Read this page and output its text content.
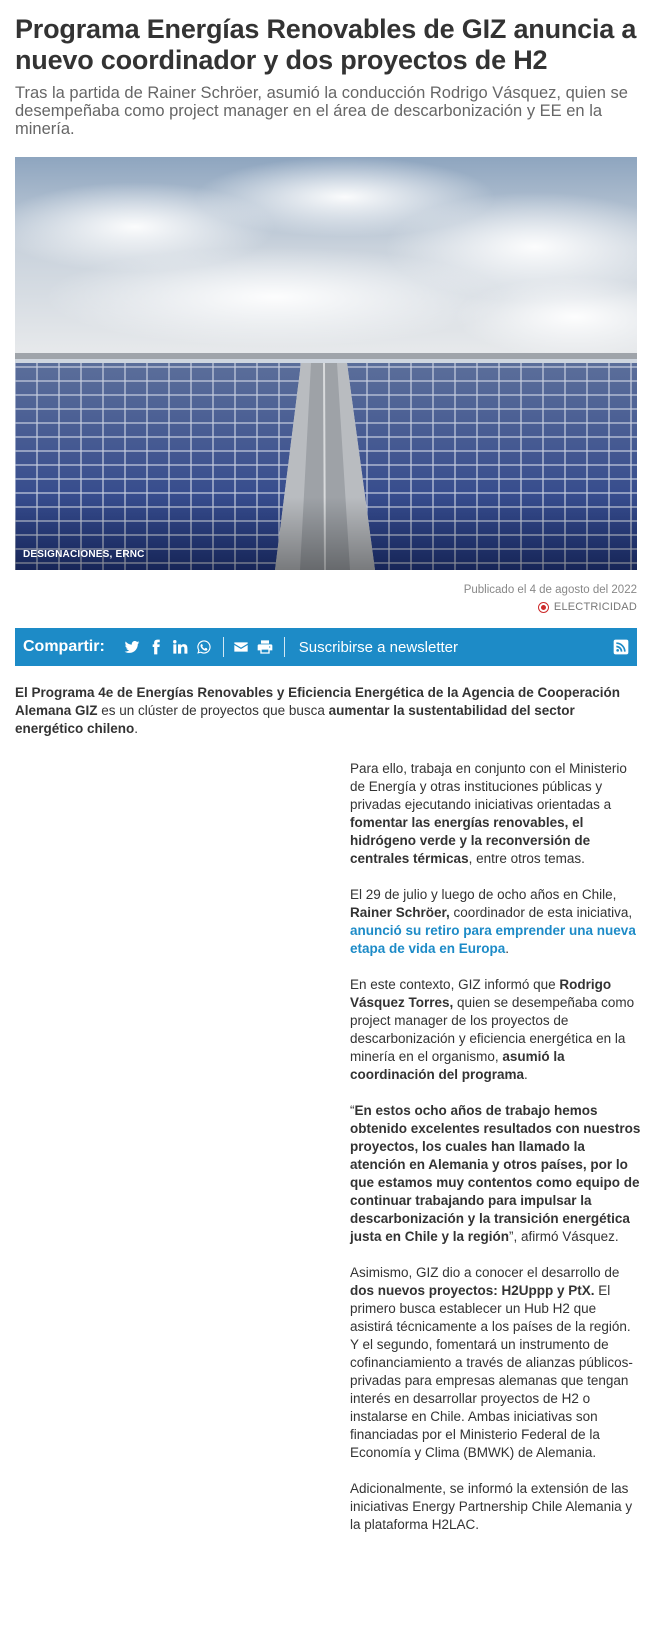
Programa Energías Renovables de GIZ anuncia a nuevo coordinador y dos proyectos de H2

Tras la partida de Rainer Schröer, asumió la conducción Rodrigo Vásquez, quien se desempeñaba como project manager en el área de descarbonización y EE en la minería.

DESIGNACIONES, ERNC
Publicado el 4 de agosto del 2022
ELECTRICIDAD
Compartir:	Suscribirse a newsletter

El Programa 4e de Energías Renovables y Eficiencia Energética de la Agencia de Cooperación Alemana GIZ es un clúster de proyectos que busca aumentar la sustentabilidad del sector energético chileno.

Para ello, trabaja en conjunto con el Ministerio de Energía y otras instituciones públicas y privadas ejecutando iniciativas orientadas a fomentar las energías renovables, el hidrógeno verde y la reconversión de centrales térmicas, entre otros temas.

El 29 de julio y luego de ocho años en Chile, Rainer Schröer, coordinador de esta iniciativa, anunció su retiro para emprender una nueva etapa de vida en Europa.

En este contexto, GIZ informó que Rodrigo Vásquez Torres, quien se desempeñaba como project manager de los proyectos de descarbonización y eficiencia energética en la minería en el organismo, asumió la coordinación del programa.

“En estos ocho años de trabajo hemos obtenido excelentes resultados con nuestros proyectos, los cuales han llamado la atención en Alemania y otros países, por lo que estamos muy contentos como equipo de continuar trabajando para impulsar la descarbonización y la transición energética justa en Chile y la región”, afirmó Vásquez.

Asimismo, GIZ dio a conocer el desarrollo de dos nuevos proyectos: H2Uppp y PtX. El primero busca establecer un Hub H2 que asistirá técnicamente a los países de la región. Y el segundo, fomentará un instrumento de cofinanciamiento a través de alianzas públicos-privadas para empresas alemanas que tengan interés en desarrollar proyectos de H2 o instalarse en Chile. Ambas iniciativas son financiadas por el Ministerio Federal de la Economía y Clima (BMWK) de Alemania.

Adicionalmente, se informó la extensión de las iniciativas Energy Partnership Chile Alemania y la plataforma H2LAC.
